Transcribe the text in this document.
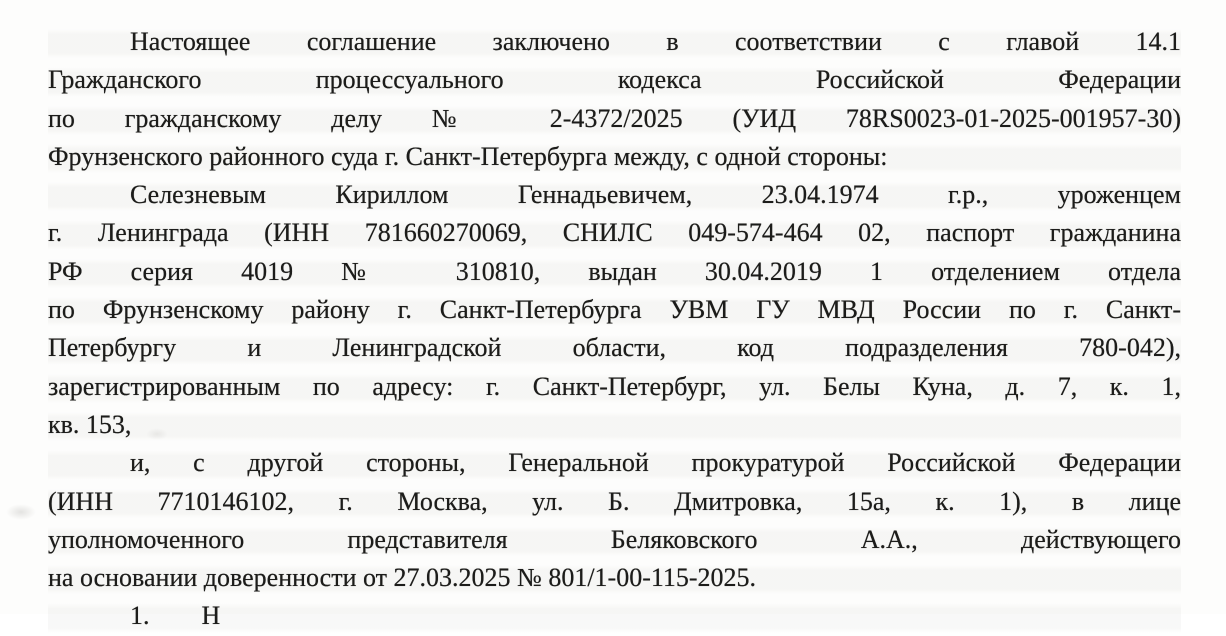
Настоящее соглашение заключено в соответствии с главой 14.1
Гражданского процессуального кодекса Российской Федерации
по гражданскому делу № 2-4372/2025 (УИД 78RS0023-01-2025-001957-30)
Фрунзенского районного суда г. Санкт-Петербурга между, с одной стороны:
Селезневым Кириллом Геннадьевичем, 23.04.1974 г.р., уроженцем
г. Ленинграда (ИНН 781660270069, СНИЛС 049-574-464 02, паспорт гражданина
РФ серия 4019 № 310810, выдан 30.04.2019 1 отделением отдела
по Фрунзенскому району г. Санкт-Петербурга УВМ ГУ МВД России по г. Санкт-
Петербургу и Ленинградской области, код подразделения 780-042),
зарегистрированным по адресу: г. Санкт-Петербург, ул. Белы Куна, д. 7, к. 1,
кв. 153,
и, с другой стороны, Генеральной прокуратурой Российской Федерации
(ИНН 7710146102, г. Москва, ул. Б. Дмитровка, 15а, к. 1), в лице
уполномоченного представителя Беляковского А.А., действующего
на основании доверенности от 27.03.2025 № 801/1-00-115-2025.
1.        Н
